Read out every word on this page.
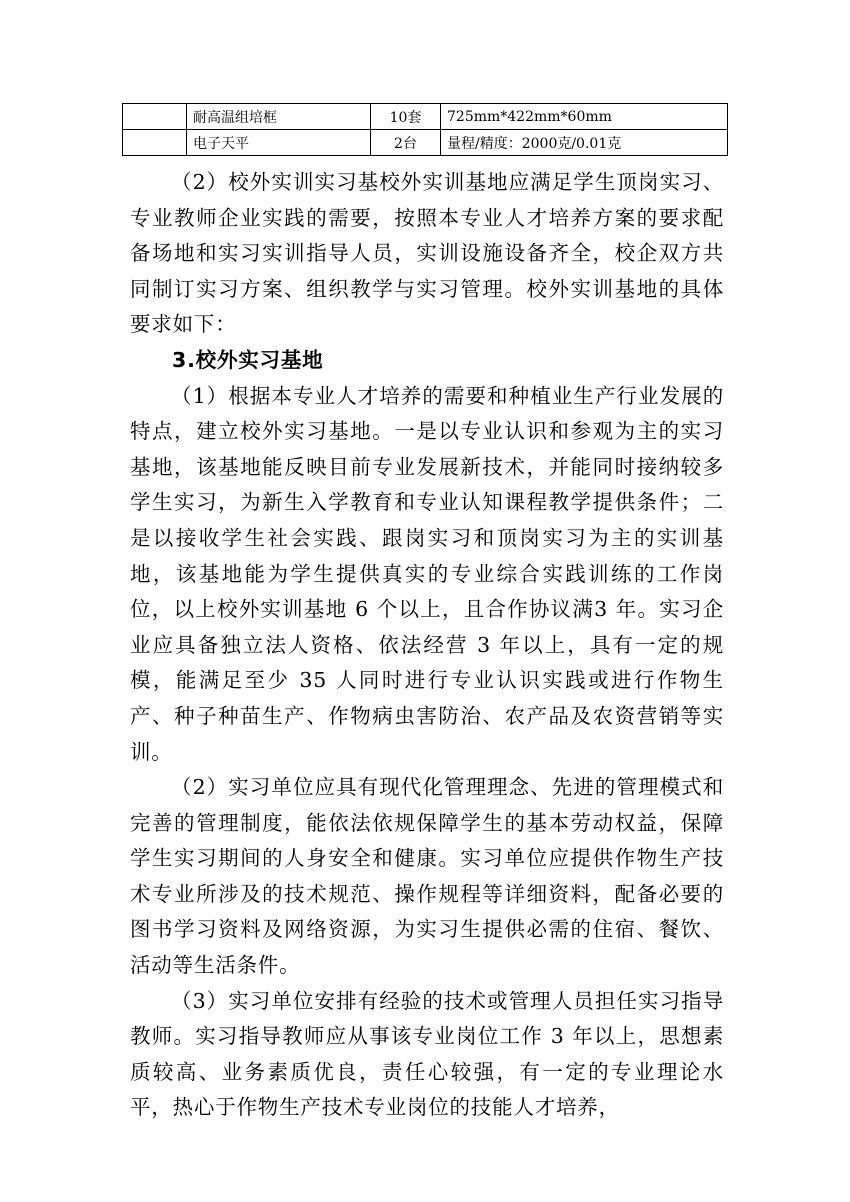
	耐高温组培框	10套	725mm*422mm*60mm
	电子天平	2台	量程/精度：2000克/0.01克

（2）校外实训实习基校外实训基地应满足学生顶岗实习、专业教师企业实践的需要，按照本专业人才培养方案的要求配备场地和实习实训指导人员，实训设施设备齐全，校企双方共同制订实习方案、组织教学与实习管理。校外实训基地的具体要求如下：

3.校外实习基地

（1）根据本专业人才培养的需要和种植业生产行业发展的特点，建立校外实习基地。一是以专业认识和参观为主的实习基地，该基地能反映目前专业发展新技术，并能同时接纳较多学生实习，为新生入学教育和专业认知课程教学提供条件；二是以接收学生社会实践、跟岗实习和顶岗实习为主的实训基地，该基地能为学生提供真实的专业综合实践训练的工作岗位，以上校外实训基地 6 个以上，且合作协议满3 年。实习企业应具备独立法人资格、依法经营 3 年以上，具有一定的规模，能满足至少 35 人同时进行专业认识实践或进行作物生产、种子种苗生产、作物病虫害防治、农产品及农资营销等实训。

（2）实习单位应具有现代化管理理念、先进的管理模式和完善的管理制度，能依法依规保障学生的基本劳动权益，保障学生实习期间的人身安全和健康。实习单位应提供作物生产技术专业所涉及的技术规范、操作规程等详细资料，配备必要的图书学习资料及网络资源，为实习生提供必需的住宿、餐饮、活动等生活条件。

（3）实习单位安排有经验的技术或管理人员担任实习指导教师。实习指导教师应从事该专业岗位工作 3 年以上，思想素质较高、业务素质优良，责任心较强，有一定的专业理论水平，热心于作物生产技术专业岗位的技能人才培养，
